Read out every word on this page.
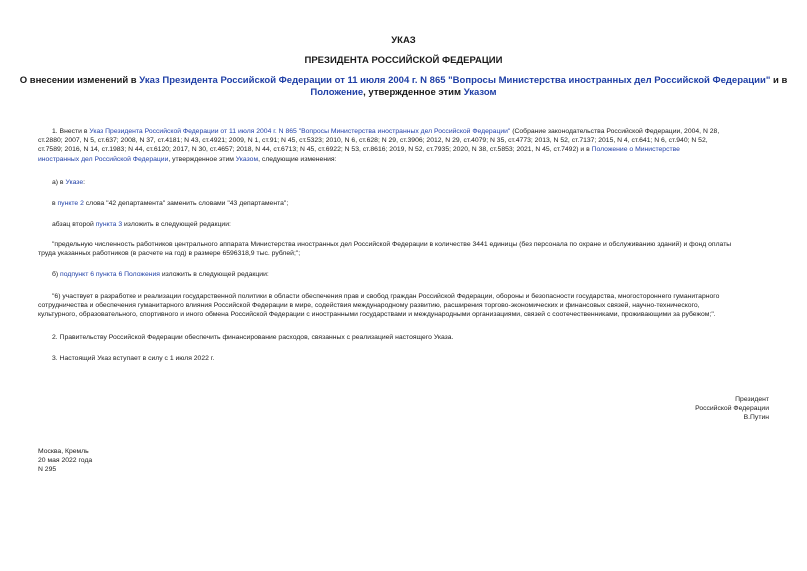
УКАЗ
ПРЕЗИДЕНТА РОССИЙСКОЙ ФЕДЕРАЦИИ
О внесении изменений в Указ Президента Российской Федерации от 11 июля 2004 г. N 865 "Вопросы Министерства иностранных дел Российской Федерации" и в
Положение, утвержденное этим Указом
1. Внести в Указ Президента Российской Федерации от 11 июля 2004 г. N 865 "Вопросы Министерства иностранных дел Российской Федерации" (Собрание законодательства Российской Федерации, 2004, N 28,
ст.2880; 2007, N 5, ст.637; 2008, N 37, ст.4181; N 43, ст.4921; 2009, N 1, ст.91; N 45, ст.5323; 2010, N 6, ст.628; N 29, ст.3906; 2012, N 29, ст.4079; N 35, ст.4773; 2013, N 52, ст.7137; 2015, N 4, ст.641; N 6, ст.940; N 52,
ст.7589; 2016, N 14, ст.1983; N 44, ст.6120; 2017, N 30, ст.4657; 2018, N 44, ст.6713; N 45, ст.6922; N 53, ст.8616; 2019, N 52, ст.7935; 2020, N 38, ст.5853; 2021, N 45, ст.7492) и в Положение о Министерстве
иностранных дел Российской Федерации, утвержденное этим Указом, следующие изменения:
а) в Указе:
в пункте 2 слова "42 департамента" заменить словами "43 департамента";
абзац второй пункта 3 изложить в следующей редакции:
"предельную численность работников центрального аппарата Министерства иностранных дел Российской Федерации в количестве 3441 единицы (без персонала по охране и обслуживанию зданий) и фонд оплаты
труда указанных работников (в расчете на год) в размере 6596318,9 тыс. рублей;";
б) подпункт 6 пункта 6 Положения изложить в следующей редакции:
"6) участвует в разработке и реализации государственной политики в области обеспечения прав и свобод граждан Российской Федерации, обороны и безопасности государства, многостороннего гуманитарного
сотрудничества и обеспечения гуманитарного влияния Российской Федерации в мире, содействия международному развитию, расширения торгово-экономических и финансовых связей, научно-технического,
культурного, образовательного, спортивного и иного обмена Российской Федерации с иностранными государствами и международными организациями, связей с соотечественниками, проживающими за рубежом;".
2. Правительству Российской Федерации обеспечить финансирование расходов, связанных с реализацией настоящего Указа.
3. Настоящий Указ вступает в силу с 1 июля 2022 г.
Президент
Российской Федерации
В.Путин
Москва, Кремль
20 мая 2022 года
N 295
